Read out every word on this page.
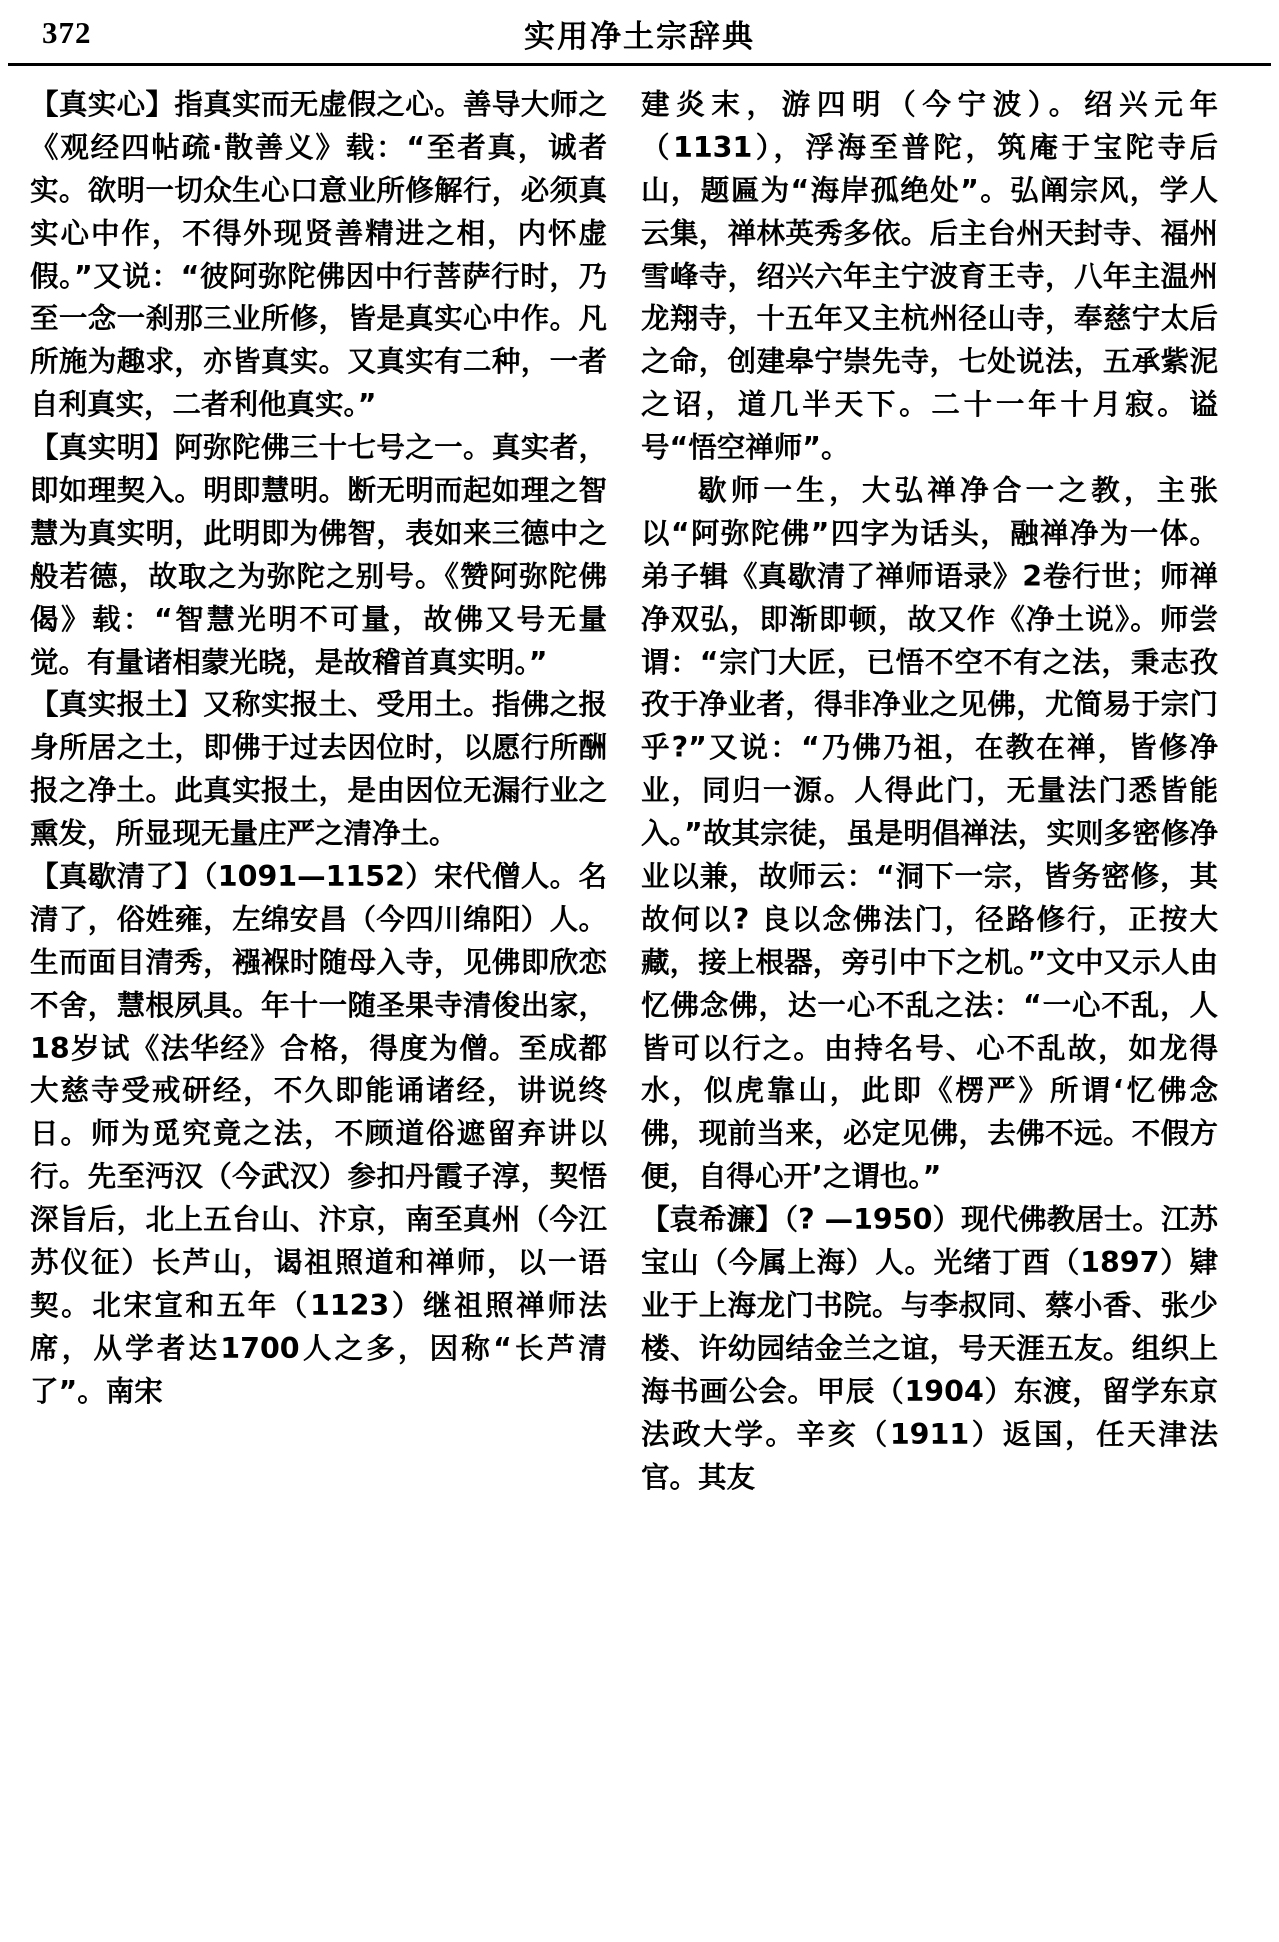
372	实用净土宗辞典

【真实心】指真实而无虚假之心。善导大师之《观经四帖疏·散善义》载：“至者真，诚者实。欲明一切众生心口意业所修解行，必须真实心中作，不得外现贤善精进之相，内怀虚假。”又说：“彼阿弥陀佛因中行菩萨行时，乃至一念一刹那三业所修，皆是真实心中作。凡所施为趣求，亦皆真实。又真实有二种，一者自利真实，二者利他真实。”

【真实明】阿弥陀佛三十七号之一。真实者，即如理契入。明即慧明。断无明而起如理之智慧为真实明，此明即为佛智，表如来三德中之般若德，故取之为弥陀之别号。《赞阿弥陀佛偈》载：“智慧光明不可量，故佛又号无量觉。有量诸相蒙光晓，是故稽首真实明。”

【真实报土】又称实报土、受用土。指佛之报身所居之土，即佛于过去因位时，以愿行所酬报之净土。此真实报土，是由因位无漏行业之熏发，所显现无量庄严之清净土。

【真歇清了】（1091—1152）宋代僧人。名清了，俗姓雍，左绵安昌（今四川绵阳）人。生而面目清秀，襁褓时随母入寺，见佛即欣恋不舍，慧根夙具。年十一随圣果寺清俊出家，18岁试《法华经》合格，得度为僧。至成都大慈寺受戒研经，不久即能诵诸经，讲说终日。师为觅究竟之法，不顾道俗遮留弃讲以行。先至沔汉（今武汉）参扣丹霞子淳，契悟深旨后，北上五台山、汴京，南至真州（今江苏仪征）长芦山，谒祖照道和禅师，以一语契。北宋宣和五年（1123）继祖照禅师法席，从学者达1700人之多，因称“长芦清了”。南宋

建炎末，游四明（今宁波）。绍兴元年（1131），浮海至普陀，筑庵于宝陀寺后山，题匾为“海岸孤绝处”。弘阐宗风，学人云集，禅林英秀多依。后主台州天封寺、福州雪峰寺，绍兴六年主宁波育王寺，八年主温州龙翔寺，十五年又主杭州径山寺，奉慈宁太后之命，创建皋宁崇先寺，七处说法，五承紫泥之诏，道几半天下。二十一年十月寂。谥号“悟空禅师”。

歇师一生，大弘禅净合一之教，主张以“阿弥陀佛”四字为话头，融禅净为一体。弟子辑《真歇清了禅师语录》2卷行世；师禅净双弘，即渐即顿，故又作《净土说》。师尝谓：“宗门大匠，已悟不空不有之法，秉志孜孜于净业者，得非净业之见佛，尤简易于宗门乎?”又说：“乃佛乃祖，在教在禅，皆修净业，同归一源。人得此门，无量法门悉皆能入。”故其宗徒，虽是明倡禅法，实则多密修净业以兼，故师云：“洞下一宗，皆务密修，其故何以? 良以念佛法门，径路修行，正按大藏，接上根器，旁引中下之机。”文中又示人由忆佛念佛，达一心不乱之法：“一心不乱，人皆可以行之。由持名号、心不乱故，如龙得水，似虎靠山，此即《楞严》所谓‘忆佛念佛，现前当来，必定见佛，去佛不远。不假方便，自得心开’之谓也。”

【袁希濂】（? —1950）现代佛教居士。江苏宝山（今属上海）人。光绪丁酉（1897）肄业于上海龙门书院。与李叔同、蔡小香、张少楼、许幼园结金兰之谊，号天涯五友。组织上海书画公会。甲辰（1904）东渡，留学东京法政大学。辛亥（1911）返国，任天津法官。其友
